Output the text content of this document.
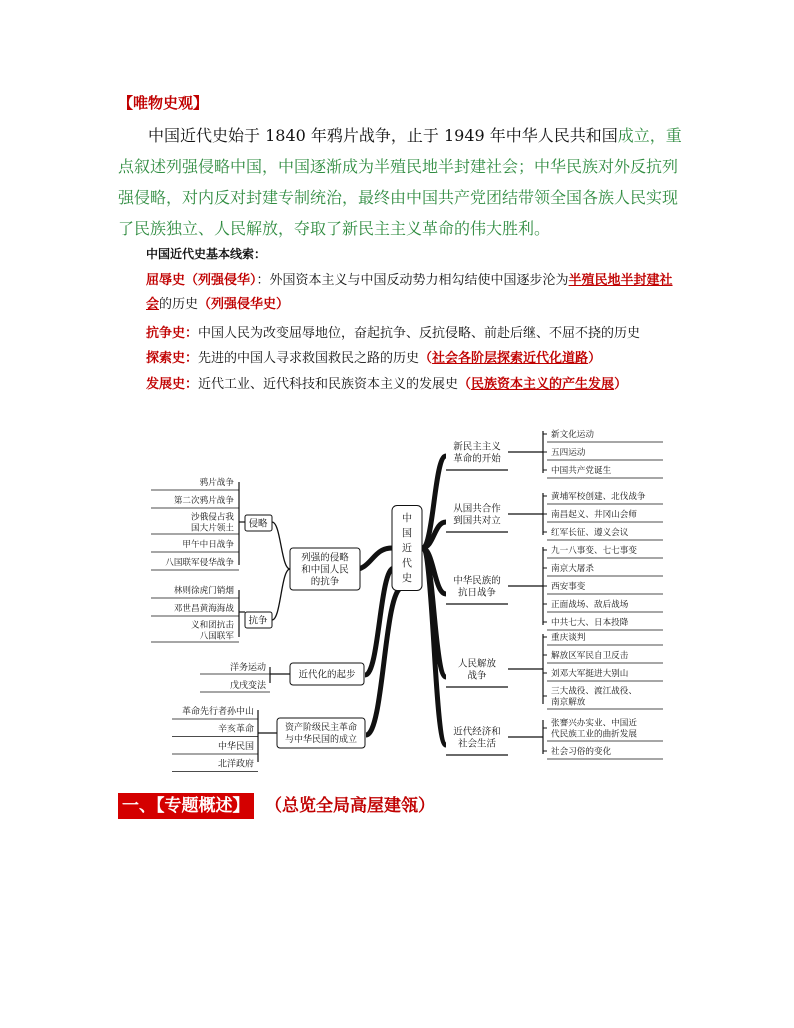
【唯物史观】
中国近代史始于 1840 年鸦片战争，止于 1949 年中华人民共和国成立，重点叙述列强侵略中国，中国逐渐成为半殖民地半封建社会；中华民族对外反抗列强侵略，对内反对封建专制统治，最终由中国共产党团结带领全国各族人民实现了民族独立、人民解放，夺取了新民主主义革命的伟大胜利。
中国近代史基本线索：
屈辱史（列强侵华）：外国资本主义与中国反动势力相勾结使中国逐步沦为半殖民地半封建社会的历史（列强侵华史）
抗争史：中国人民为改变屈辱地位，奋起抗争、反抗侵略、前赴后继、不屈不挠的历史
探索史：先进的中国人寻求救国救民之路的历史（社会各阶层探索近代化道路）
发展史：近代工业、近代科技和民族资本主义的发展史（民族资本主义的产生发展）
新民主主义
革命的开始
新文化运动
五四运动
中国共产党诞生
从国共合作
到国共对立
黄埔军校创建、北伐战争
南昌起义、井冈山会师
红军长征、遵义会议
中华民族的
抗日战争
九一八事变、七七事变
南京大屠杀
西安事变
正面战场、敌后战场
中共七大、日本投降
人民解放
战争
重庆谈判
解放区军民自卫反击
刘邓大军挺进大别山
三大战役、渡江战役、
南京解放
近代经济和
社会生活
张謇兴办实业、中国近
代民族工业的曲折发展
社会习俗的变化
列强的侵略
和中国人民
的抗争
侵略
抗争
鸦片战争
第二次鸦片战争
沙俄侵占我
国大片领土
甲午中日战争
八国联军侵华战争
林则徐虎门销烟
邓世昌黄海海战
义和团抗击
八国联军
近代化的起步
洋务运动
戊戌变法
资产阶级民主革命
与中华民国的成立
革命先行者孙中山
辛亥革命
中华民国
北洋政府
中
国
近
代
史
一、【专题概述】 （总览全局高屋建瓴）
